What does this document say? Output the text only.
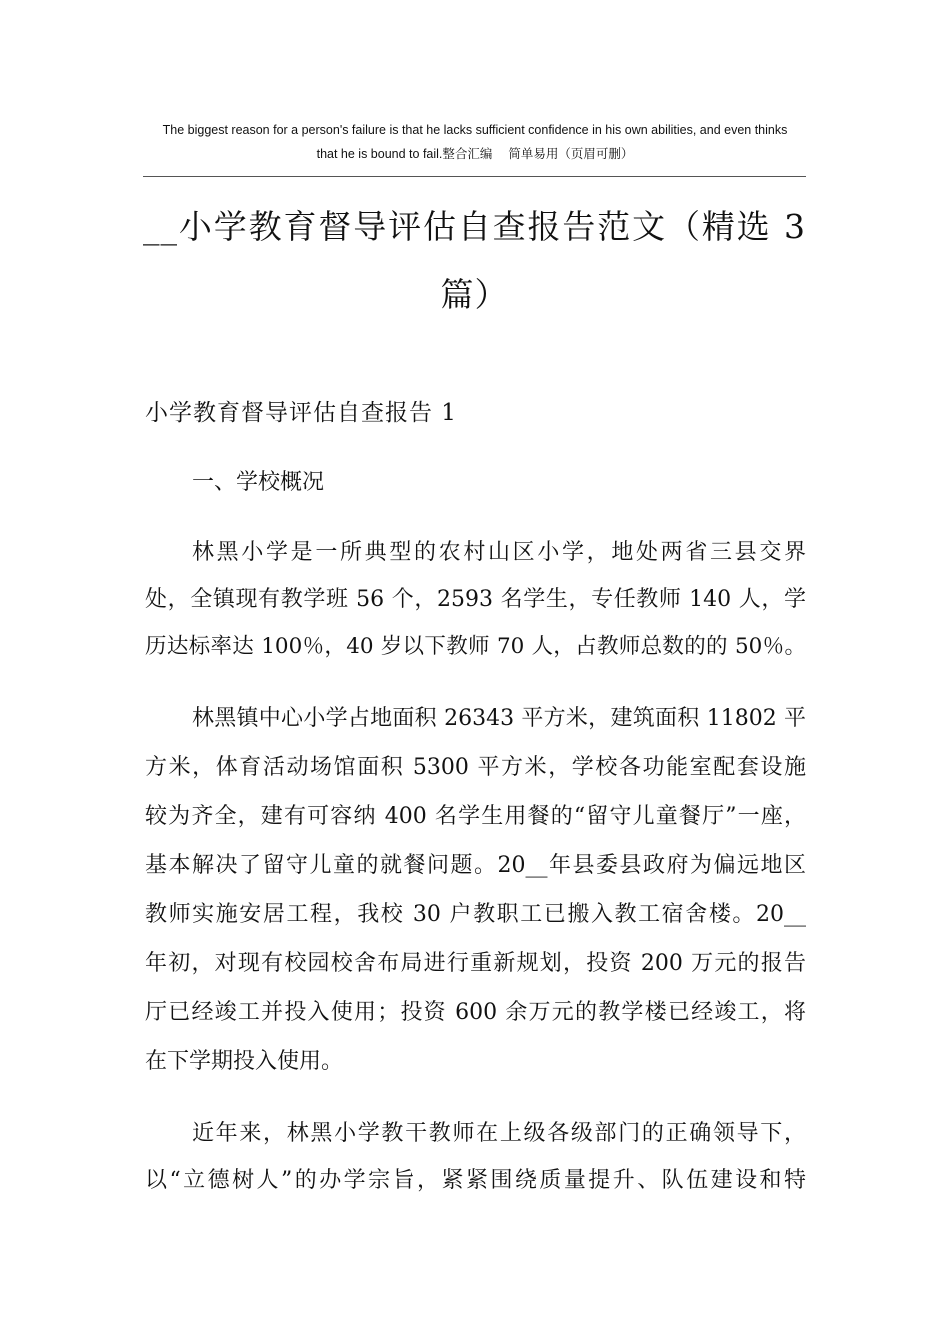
The biggest reason for a person's failure is that he lacks sufficient confidence in his own abilities, and even thinks
that he is bound to fail.整合汇编　 简单易用（页眉可删）
__小学教育督导评估自查报告范文（精选 3
篇）
小学教育督导评估自查报告 1
一、学校概况
林黑小学是一所典型的农村山区小学，地处两省三县交界
处，全镇现有教学班 56 个，2593 名学生，专任教师 140 人，学
历达标率达 100％，40 岁以下教师 70 人，占教师总数的的 50％。
林黑镇中心小学占地面积 26343 平方米，建筑面积 11802 平
方米，体育活动场馆面积 5300 平方米，学校各功能室配套设施
较为齐全，建有可容纳 400 名学生用餐的“留守儿童餐厅”一座，
基本解决了留守儿童的就餐问题。20__年县委县政府为偏远地区
教师实施安居工程，我校 30 户教职工已搬入教工宿舍楼。20__
年初，对现有校园校舍布局进行重新规划，投资 200 万元的报告
厅已经竣工并投入使用；投资 600 余万元的教学楼已经竣工，将
在下学期投入使用。
近年来，林黑小学教干教师在上级各级部门的正确领导下，
以“立德树人”的办学宗旨，紧紧围绕质量提升、队伍建设和特
